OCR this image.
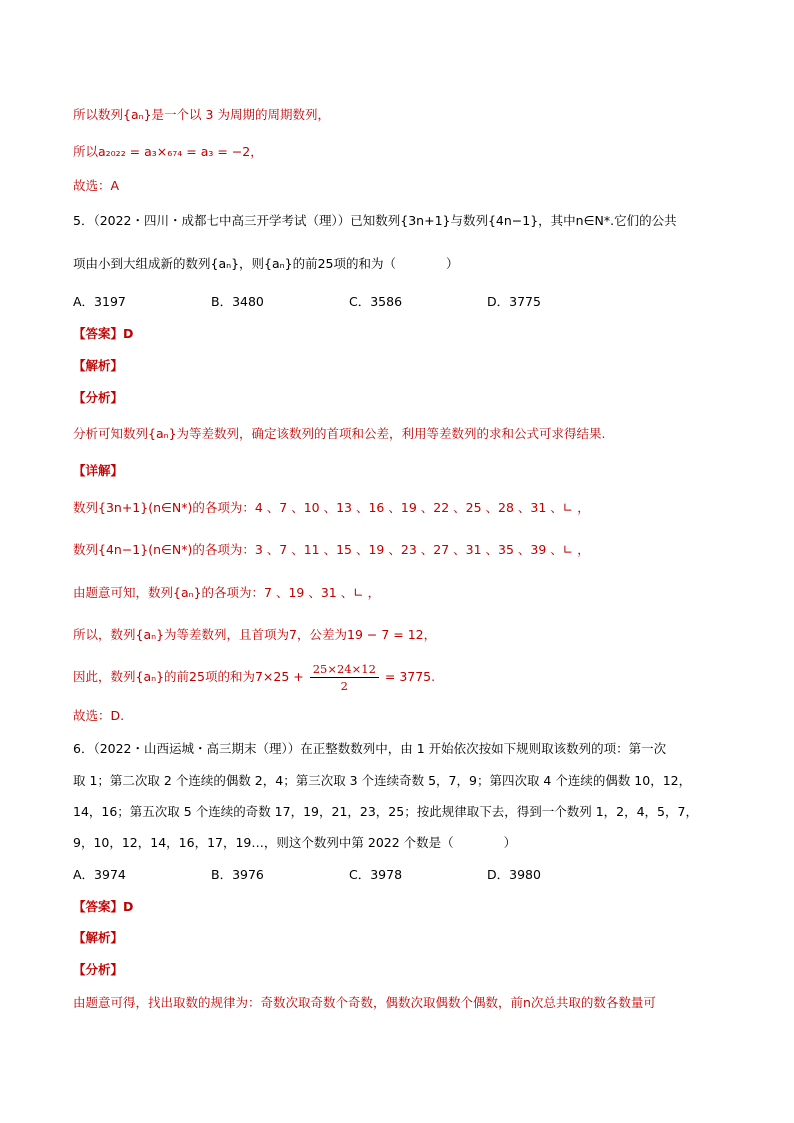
所以数列{aₙ}是一个以 3 为周期的周期数列，
所以a₂₀₂₂ = a₃×₆₇₄ = a₃ = −2，
故选：A
5．（2022・四川・成都七中高三开学考试（理））已知数列{3n+1}与数列{4n−1}，其中n∈N*.它们的公共
项由小到大组成新的数列{aₙ}，则{aₙ}的前25项的和为（　　　　）
A．3197	B．3480	C．3586	D．3775
【答案】D
【解析】
【分析】
分析可知数列{aₙ}为等差数列，确定该数列的首项和公差，利用等差数列的求和公式可求得结果.
【详解】
数列{3n+1}(n∈N*)的各项为：4 、7 、10 、13 、16 、19 、22 、25 、28 、31 、∟ ，
数列{4n−1}(n∈N*)的各项为：3 、7 、11 、15 、19 、23 、27 、31 、35 、39 、∟ ，
由题意可知，数列{aₙ}的各项为：7 、19 、31 、∟ ，
所以，数列{aₙ}为等差数列，且首项为7，公差为19 − 7 = 12，
因此，数列{aₙ}的前25项的和为$7\times 25 + \frac{25\times 24\times 12}{2} = 3775$.
故选：D.
6．（2022・山西运城・高三期末（理））在正整数数列中，由 1 开始依次按如下规则取该数列的项：第一次
取 1；第二次取 2 个连续的偶数 2，4；第三次取 3 个连续奇数 5，7，9；第四次取 4 个连续的偶数 10，12，
14，16；第五次取 5 个连续的奇数 17，19，21，23，25；按此规律取下去，得到一个数列 1，2，4，5，7，
9，10，12，14，16，17，19…，则这个数列中第 2022 个数是（　　　　）
A．3974	B．3976	C．3978	D．3980
【答案】D
【解析】
【分析】
由题意可得，找出取数的规律为：奇数次取奇数个奇数，偶数次取偶数个偶数，前n次总共取的数各数量可
